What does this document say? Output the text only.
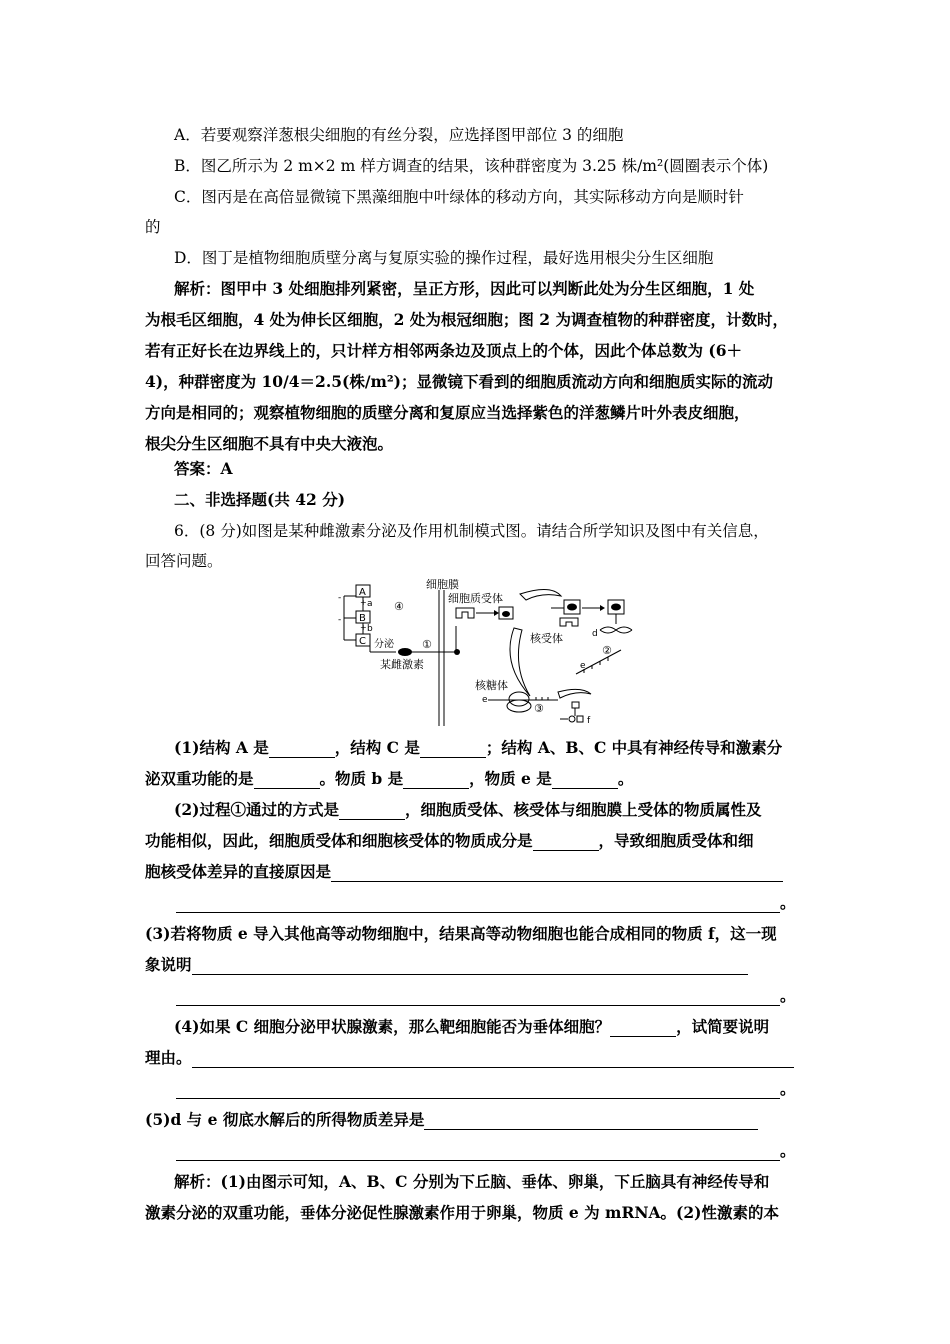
A．若要观察洋葱根尖细胞的有丝分裂，应选择图甲部位 3 的细胞
B．图乙所示为 2 m×2 m 样方调查的结果，该种群密度为 3.25 株/m²(圆圈表示个体)
C．图丙是在高倍显微镜下黑藻细胞中叶绿体的移动方向，其实际移动方向是顺时针
的
D．图丁是植物细胞质壁分离与复原实验的操作过程，最好选用根尖分生区细胞
解析：图甲中 3 处细胞排列紧密，呈正方形，因此可以判断此处为分生区细胞，1 处
为根毛区细胞，4 处为伸长区细胞，2 处为根冠细胞；图 2 为调查植物的种群密度，计数时，
若有正好长在边界线上的，只计样方相邻两条边及顶点上的个体，因此个体总数为 (6＋
4)，种群密度为 10/4＝2.5(株/m²)；显微镜下看到的细胞质流动方向和细胞质实际的流动
方向是相同的；观察植物细胞的质壁分离和复原应当选择紫色的洋葱鳞片叶外表皮细胞，
根尖分生区细胞不具有中央大液泡。
答案：A
二、非选择题(共 42 分)
6．(8 分)如图是某种雌激素分泌及作用机制模式图。请结合所学知识及图中有关信息，
回答问题。
-
-
A
B
C
+ a
+ b
④
分泌	①
某雌激素
细胞膜
细胞质受体
核受体	d
②
e
核糖体
e
③
f
(1)结构 A 是	，结构 C 是	；结构 A、B、C 中具有神经传导和激素分
泌双重功能的是	。物质 b 是	，物质 e 是	。
(2)过程①通过的方式是	，细胞质受体、核受体与细胞膜上受体的物质属性及
功能相似，因此，细胞质受体和细胞核受体的物质成分是	，导致细胞质受体和细
胞核受体差异的直接原因是
。
(3)若将物质 e 导入其他高等动物细胞中，结果高等动物细胞也能合成相同的物质 f，这一现
象说明
。
(4)如果 C 细胞分泌甲状腺激素，那么靶细胞能否为垂体细胞？	，试简要说明
理由。
。
(5)d 与 e 彻底水解后的所得物质差异是
。
解析：(1)由图示可知，A、B、C 分别为下丘脑、垂体、卵巢，下丘脑具有神经传导和
激素分泌的双重功能，垂体分泌促性腺激素作用于卵巢，物质 e 为 mRNA。(2)性激素的本
